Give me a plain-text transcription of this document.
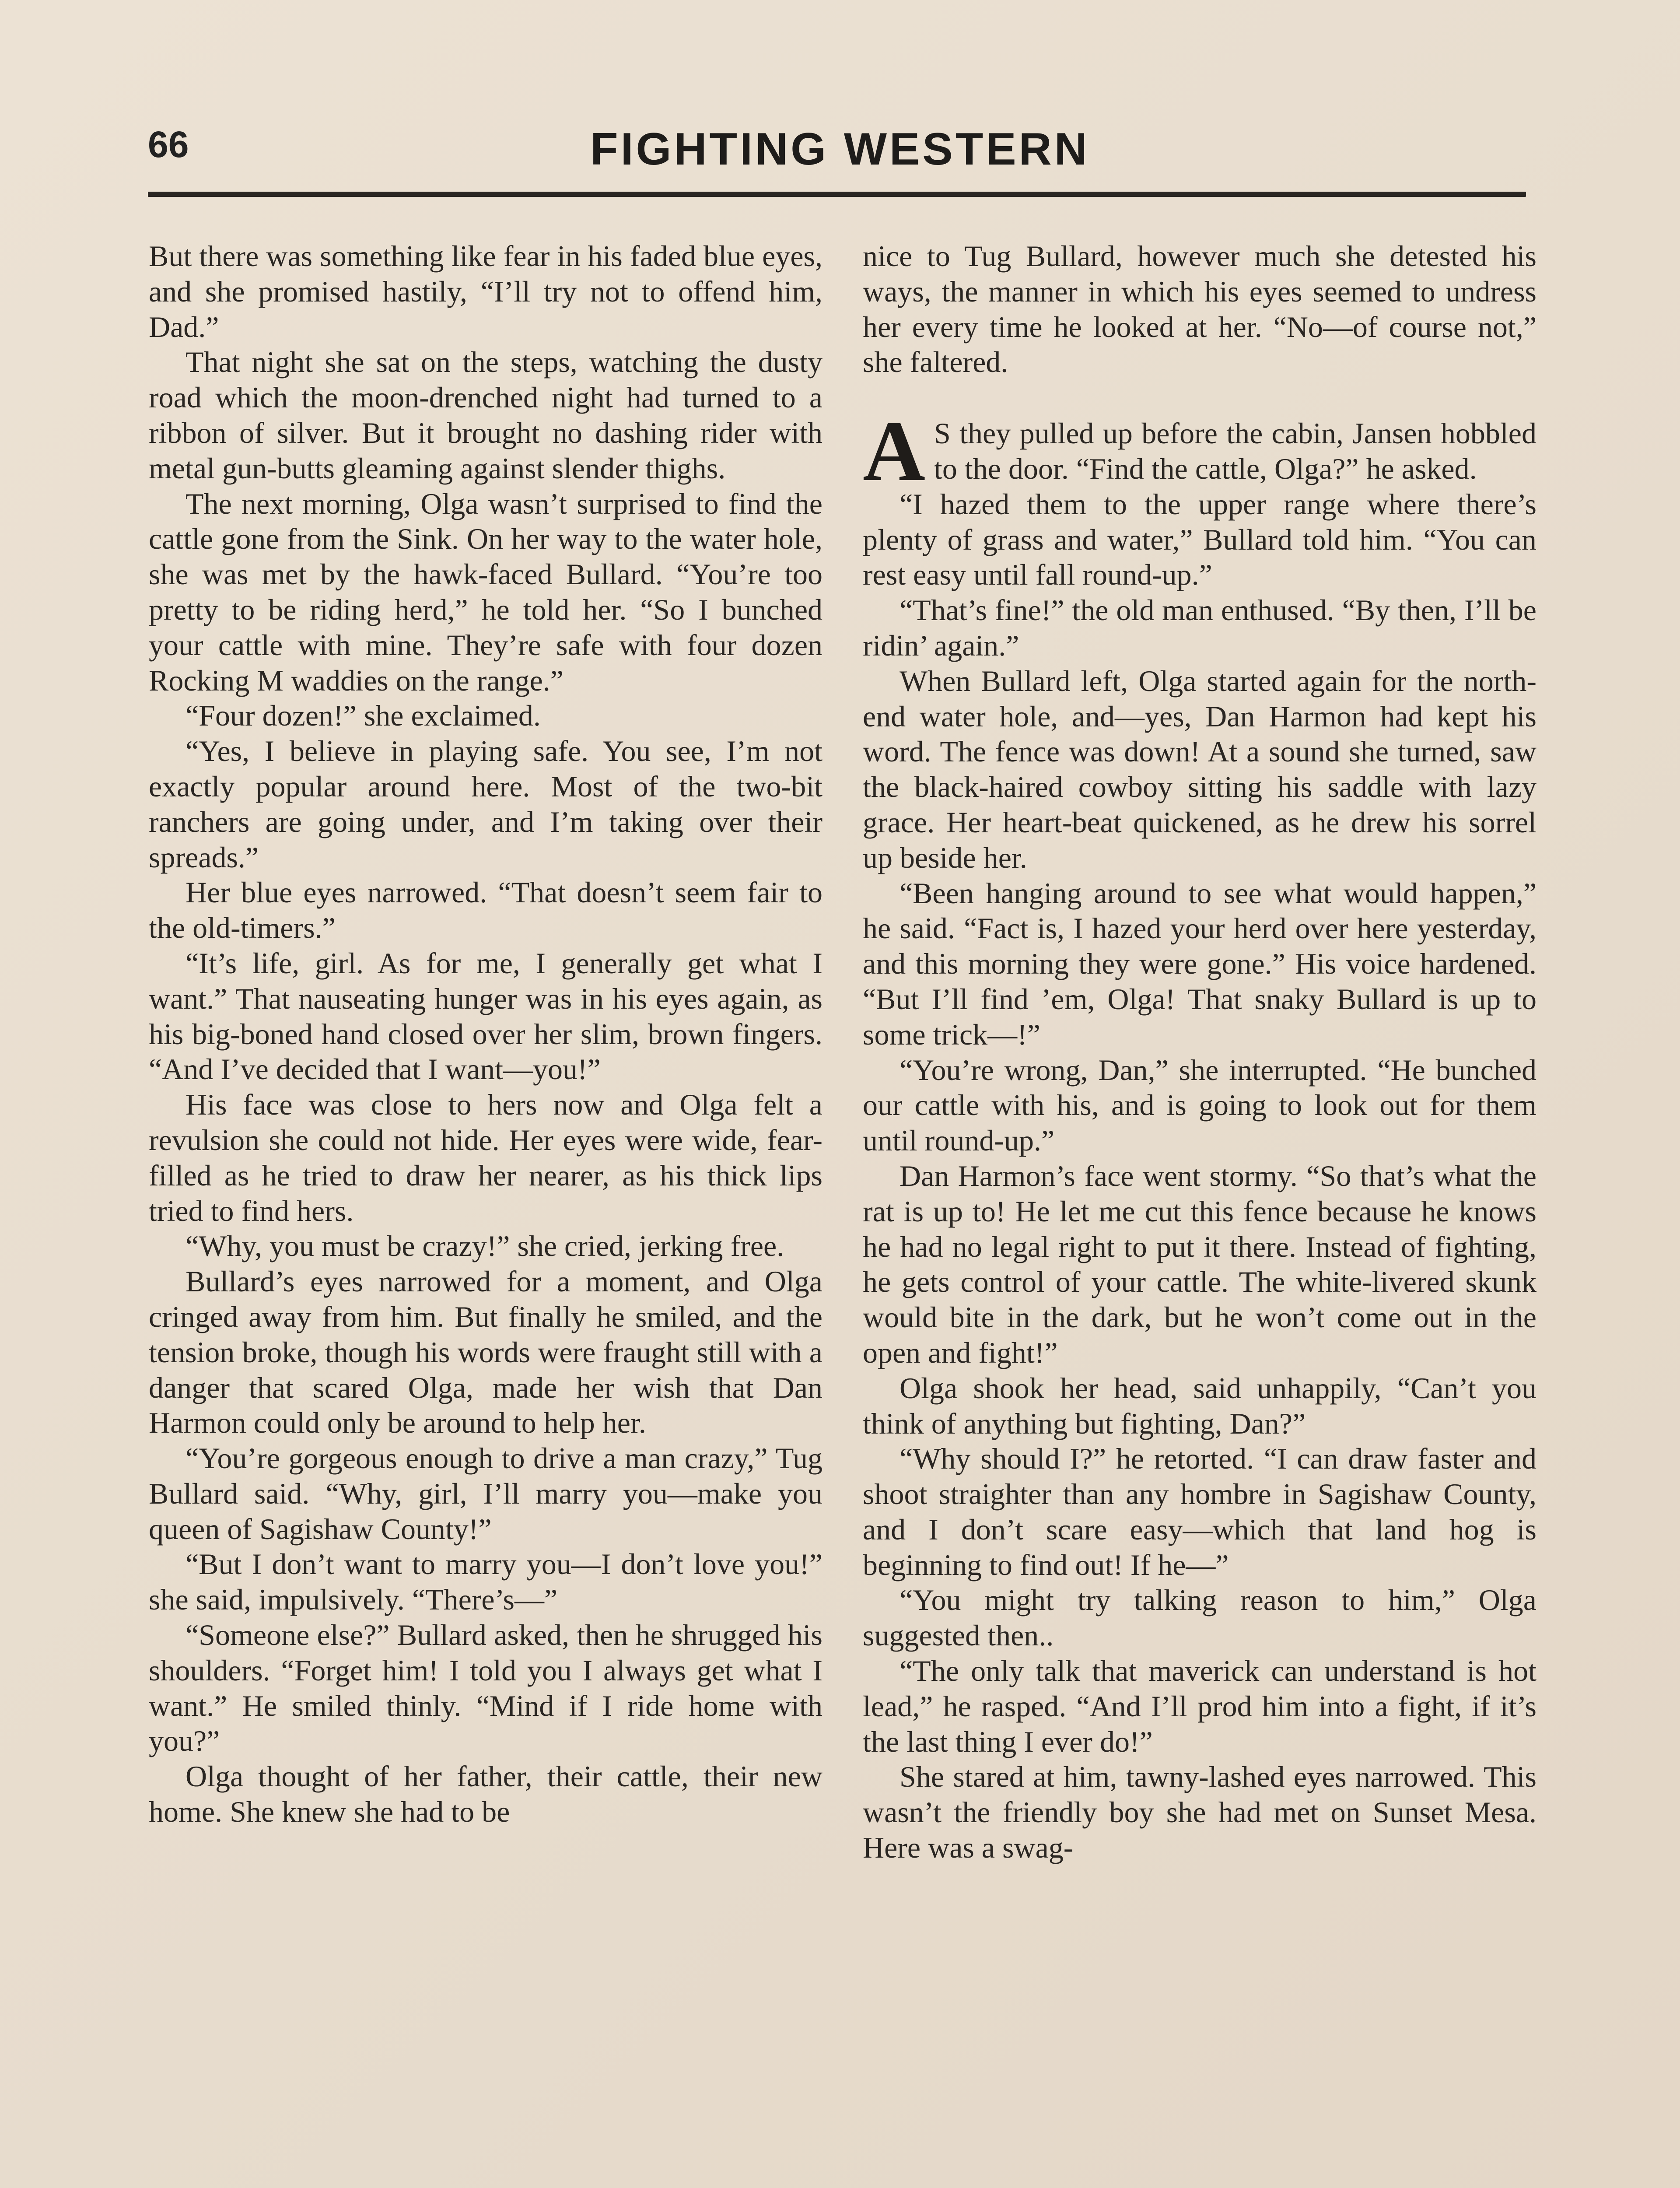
66	FIGHTING WESTERN

But there was something like fear in his faded blue eyes, and she promised hastily, “I’ll try not to offend him, Dad.”

That night she sat on the steps, watching the dusty road which the moon-drenched night had turned to a ribbon of silver. But it brought no dashing rider with metal gun-butts gleaming against slender thighs.

The next morning, Olga wasn’t surprised to find the cattle gone from the Sink. On her way to the water hole, she was met by the hawk-faced Bullard. “You’re too pretty to be riding herd,” he told her. “So I bunched your cattle with mine. They’re safe with four dozen Rocking M waddies on the range.”

“Four dozen!” she exclaimed.

“Yes, I believe in playing safe. You see, I’m not exactly popular around here. Most of the two-bit ranchers are going under, and I’m taking over their spreads.”

Her blue eyes narrowed. “That doesn’t seem fair to the old-timers.”

“It’s life, girl. As for me, I generally get what I want.” That nauseating hunger was in his eyes again, as his big-boned hand closed over her slim, brown fingers. “And I’ve decided that I want—you!”

His face was close to hers now and Olga felt a revulsion she could not hide. Her eyes were wide, fear-filled as he tried to draw her nearer, as his thick lips tried to find hers.

“Why, you must be crazy!” she cried, jerking free.

Bullard’s eyes narrowed for a moment, and Olga cringed away from him. But finally he smiled, and the tension broke, though his words were fraught still with a danger that scared Olga, made her wish that Dan Harmon could only be around to help her.

“You’re gorgeous enough to drive a man crazy,” Tug Bullard said. “Why, girl, I’ll marry you—make you queen of Sagishaw County!”

“But I don’t want to marry you—I don’t love you!” she said, impulsively. “There’s—”

“Someone else?” Bullard asked, then he shrugged his shoulders. “Forget him! I told you I always get what I want.” He smiled thinly. “Mind if I ride home with you?”

Olga thought of her father, their cattle, their new home. She knew she had to be

nice to Tug Bullard, however much she detested his ways, the manner in which his eyes seemed to undress her every time he looked at her. “No—of course not,” she faltered.

A S they pulled up before the cabin, Jansen hobbled to the door. “Find the cattle, Olga?” he asked.

“I hazed them to the upper range where there’s plenty of grass and water,” Bullard told him. “You can rest easy until fall round-up.”

“That’s fine!” the old man enthused. “By then, I’ll be ridin’ again.”

When Bullard left, Olga started again for the north-end water hole, and—yes, Dan Harmon had kept his word. The fence was down! At a sound she turned, saw the black-haired cowboy sitting his saddle with lazy grace. Her heart-beat quickened, as he drew his sorrel up beside her.

“Been hanging around to see what would happen,” he said. “Fact is, I hazed your herd over here yesterday, and this morning they were gone.” His voice hardened. “But I’ll find ’em, Olga! That snaky Bullard is up to some trick—!”

“You’re wrong, Dan,” she interrupted. “He bunched our cattle with his, and is going to look out for them until round-up.”

Dan Harmon’s face went stormy. “So that’s what the rat is up to! He let me cut this fence because he knows he had no legal right to put it there. Instead of fighting, he gets control of your cattle. The white-livered skunk would bite in the dark, but he won’t come out in the open and fight!”

Olga shook her head, said unhappily, “Can’t you think of anything but fighting, Dan?”

“Why should I?” he retorted. “I can draw faster and shoot straighter than any hombre in Sagishaw County, and I don’t scare easy—which that land hog is beginning to find out! If he—”

“You might try talking reason to him,” Olga suggested then..

“The only talk that maverick can understand is hot lead,” he rasped. “And I’ll prod him into a fight, if it’s the last thing I ever do!”

She stared at him, tawny-lashed eyes narrowed. This wasn’t the friendly boy she had met on Sunset Mesa. Here was a swag-
